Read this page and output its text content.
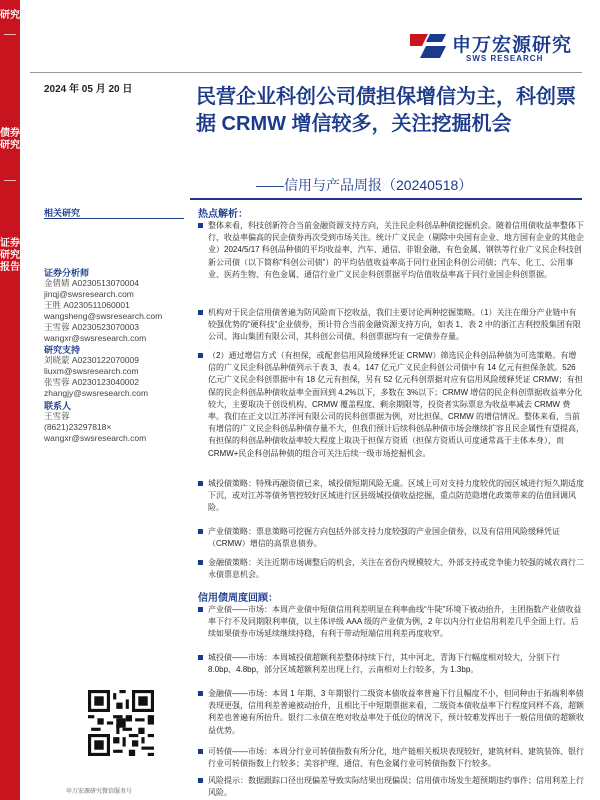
研究
债券研究
证券研究报告
申万宏源研究
SWS RESEARCH
2024 年 05 月 20 日	民营企业科创公司债担保增信为主，科创票据 CRMW 增信较多，关注挖掘机会
——信用与产品周报（20240518）
相关研究
证券分析师
金倩婧 A0230513070004
jinqj@swsresearch.com
王胜 A0230511060001
wangsheng@swsresearch.com
王雪蓉 A0230523070003
wangxr@swsresearch.com
研究支持
刘晓蒙 A0230122070009
liuxm@swsresearch.com
张雪蓉 A0230123040002
zhangjy@swsresearch.com
联系人
王雪蓉
(8621)23297818×
wangxr@swsresearch.com
申万宏源研究微信服务号
热点解析：
整体来看，科技创新符合当前金融资源支持方向，关注民企科创品种债挖掘机会。随着信用债收益率整体下行，收益率偏高的民企债券再次受到市场关注。统计广义民企（剔除中央国有企业、地方国有企业的其他企业）2024/5/17 科创品种债的平均收益率，汽车、通信、非银金融、有色金属、钢铁等行业广义民企科技创新公司债（以下简称“科创公司债”）的平均估值收益率高于同行业国企科创公司债；汽车、化工、公用事业、医药生物、有色金属、通信行业广义民企科创票据平均估值收益率高于同行业国企科创票据。
机构对于民企信用债普遍为防风险而下挖收益，我们主要讨论两种挖掘策略。（1）关注在细分产业链中有较强优势的“硬科技”企业债券，预计符合当前金融资源支持方向，如表 1、表 2 中的浙江吉利控股集团有限公司、海山集团有限公司，其科创公司债、科创票据均有一定债券存量。
（2）通过增信方式（有担保，或配套信用风险缓释凭证 CRMW）筛选民企科创品种债为可选策略。有增信的广义民企科创品种债列示于表 3、表 4。147 亿元广义民企科创公司债中有 14 亿元有担保条款。526 亿元广义民企科创票据中有 18 亿元有担保，另有 52 亿元科创票据对应有信用风险缓释凭证 CRMW；有担保的民企科创品种债收益率全面回到 4.2%以下，多数在 3%以下；CRMW 增信的民企科创票据收益率分化较大，主要取决于创设机构、CRMW 覆盖程度、剩余期限等，投资者实际票息为收益率减去 CRMW 费率。我们在正文以江苏洋河有限公司的民科创票据为例，对比担保、CRMW 的增信情况。整体来看，当前有增信的广义民企科创品种债存量不大，但我们预计后续科创品种债市场会继续扩容且民企属性有望提高，有担保的科创品种债收益率较大程度上取决于担保方资质（担保方资质认可度通常高于主体本身），而 CRMW+民企科创品种债的组合可关注后续一级市场挖掘机会。
城投债策略：特殊再融资债已来，城投债短期风险无虞。区域上可对支持力度较优的园区城进行短久期适度下沉，或对江苏等债务管控较好区域进行区县级城投债收益挖掘，重点防范隐增化政策带来的估值回调风险。
产业债策略：票息策略可挖掘方向包括外部支持力度较强的产业国企债券，以及有信用风险缓释凭证（CRMW）增信的高票息债券。
金融债策略：关注近期市场调整后的机会，关注在省份内规模较大、外部支持或竞争能力较强的城农商行二永债票息机会。
信用债周度回顾：
产业债——市场：本周产业债中短债信用利差明显在利率曲线“牛陡”环境下被动抬升，主团指数产业债收益率下行不及同期限利率债，以主体评级 AAA 级的产业债为例，2 年以内分行业信用利差几乎全面上行。后续如果债券市场延续继续持稳，有利于带动短端信用利差再度收窄。
城投债——市场：本周城投债超额利差整体持续下行，其中河北、青海下行幅度相对较大，分别下行 8.0bp、4.8bp，部分区域超额利差出现上行，云南相对上行较多，为 1.3bp。
金融债——市场：本周 1 年期、3 年期银行二级资本债收益率普遍下行且幅度不小，但同种由于拓端利率债表现更强，信用利差普遍被动抬升，且相比于中短期票据来看，二级资本债收益率下行程度同样不高，超额利差也普遍有所抬升。银行二永债在绝对收益率处于低位的情况下，预计较难发挥出于一般信用债的超额收益优势。
可转债——市场：本周分行业可转债指数有所分化，地产链相关板块表现较好，建筑材料、建筑装饰、银行行业可转债指数上行较多；美容护理、通信、有色金属行业可转债指数下行较多。
风险提示：数据跟踪口径出现偏差导致实际结果出现偏误；信用债市场发生超预期违约事件；信用利差上行风险。
